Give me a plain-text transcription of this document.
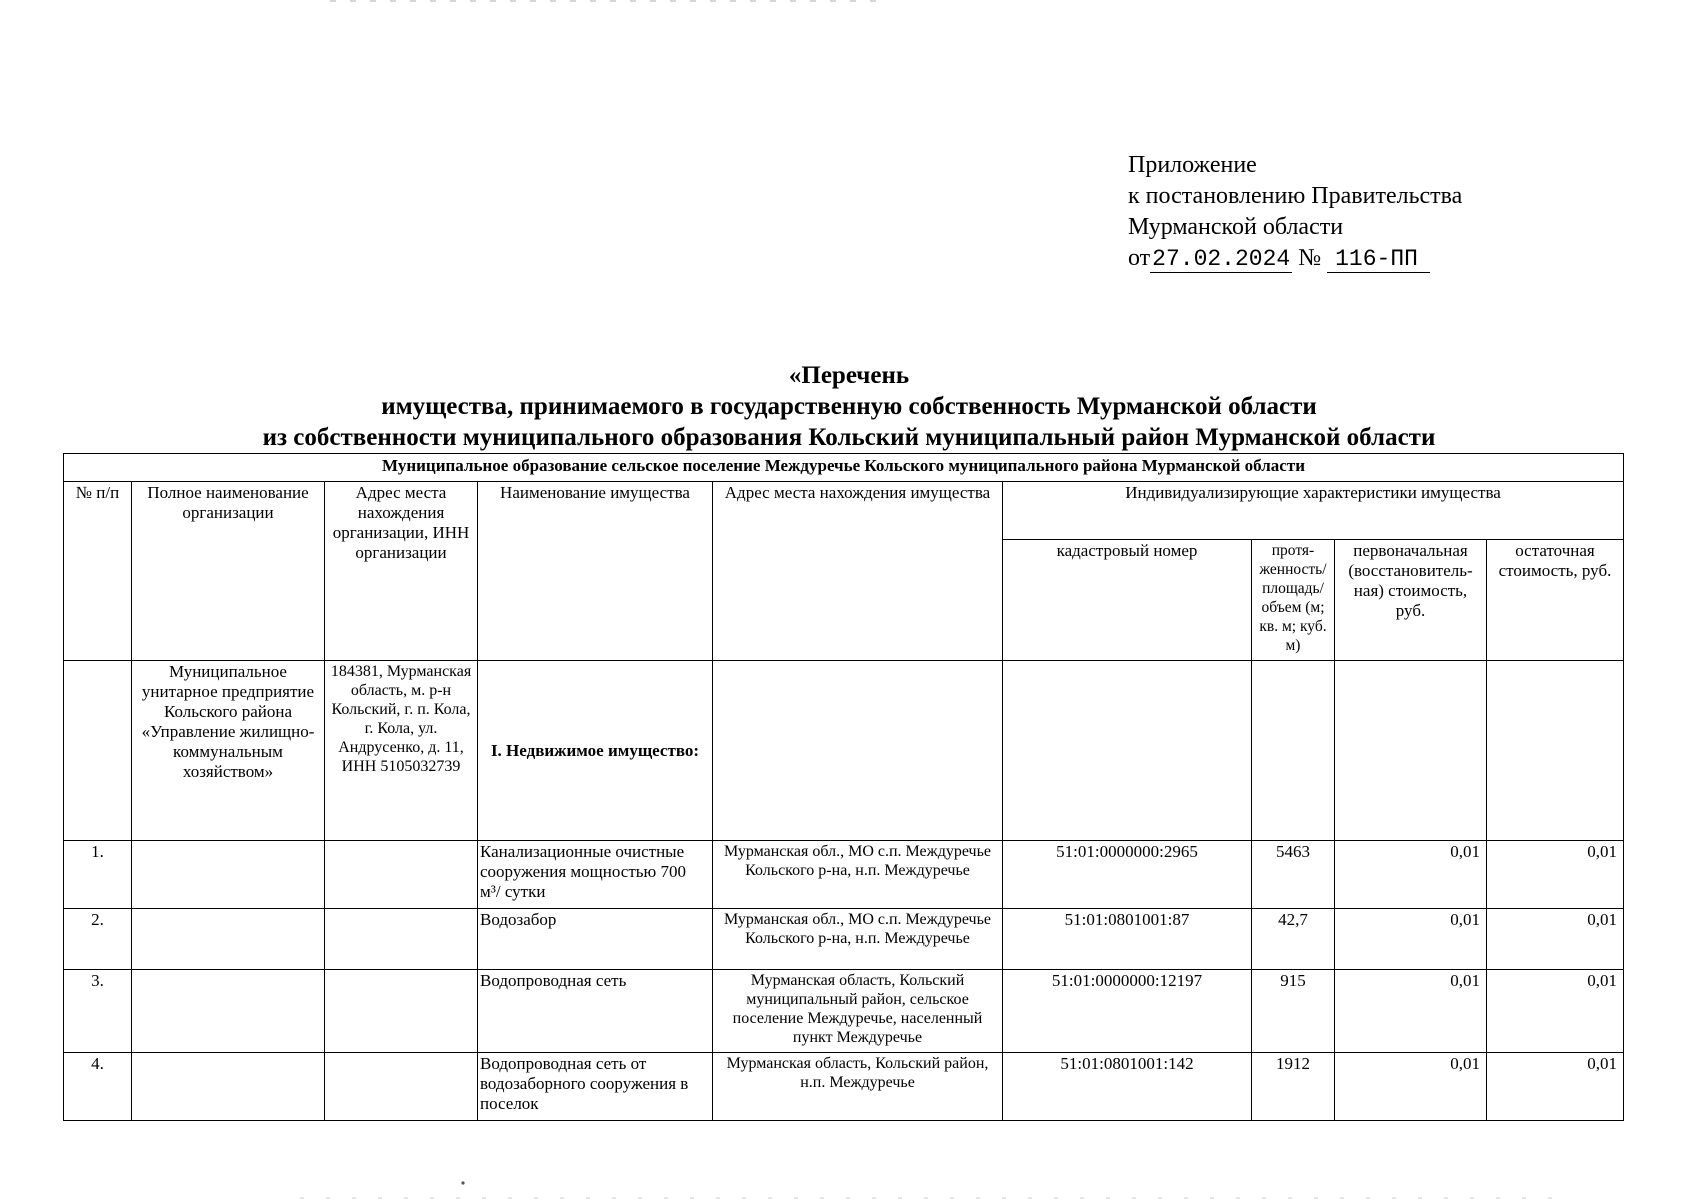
Приложение
к постановлению Правительства
Мурманской области
от27.02.2024 № 116-ПП
«Перечень
имущества, принимаемого в государственную собственность Мурманской области
из собственности муниципального образования Кольский муниципальный район Мурманской области
Муниципальное образование сельское поселение Междуречье Кольского муниципального района Мурманской области								
№ п/п	Полное наименование организации	Адрес места нахождения организации, ИНН организации	Наименование имущества	Адрес места нахождения имущества	Индивидуализирующие характеристики имущества			
					кадастровый номер	протя-женность/ площадь/ объем (м; кв. м; куб. м)	первоначальная (восстановитель-ная) стоимость, руб.	остаточная стоимость, руб.
	Муниципальное унитарное предприятие Кольского района «Управление жилищно-коммунальным хозяйством»	184381, Мурманская область, м. р-н Кольский, г. п. Кола, г. Кола, ул. Андрусенко, д. 11, ИНН 5105032739	I. Недвижимое имущество:					
1.			Канализационные очистные сооружения мощностью 700 м³/ сутки	Мурманская обл., МО с.п. Междуречье Кольского р-на, н.п. Междуречье	51:01:0000000:2965	5463	0,01	0,01
2.			Водозабор	Мурманская обл., МО с.п. Междуречье Кольского р-на, н.п. Междуречье	51:01:0801001:87	42,7	0,01	0,01
3.			Водопроводная сеть	Мурманская область, Кольский муниципальный район, сельское поселение Междуречье, населенный пункт Междуречье	51:01:0000000:12197	915	0,01	0,01
4.			Водопроводная сеть от водозаборного сооружения в поселок	Мурманская область, Кольский район, н.п. Междуречье	51:01:0801001:142	1912	0,01	0,01
